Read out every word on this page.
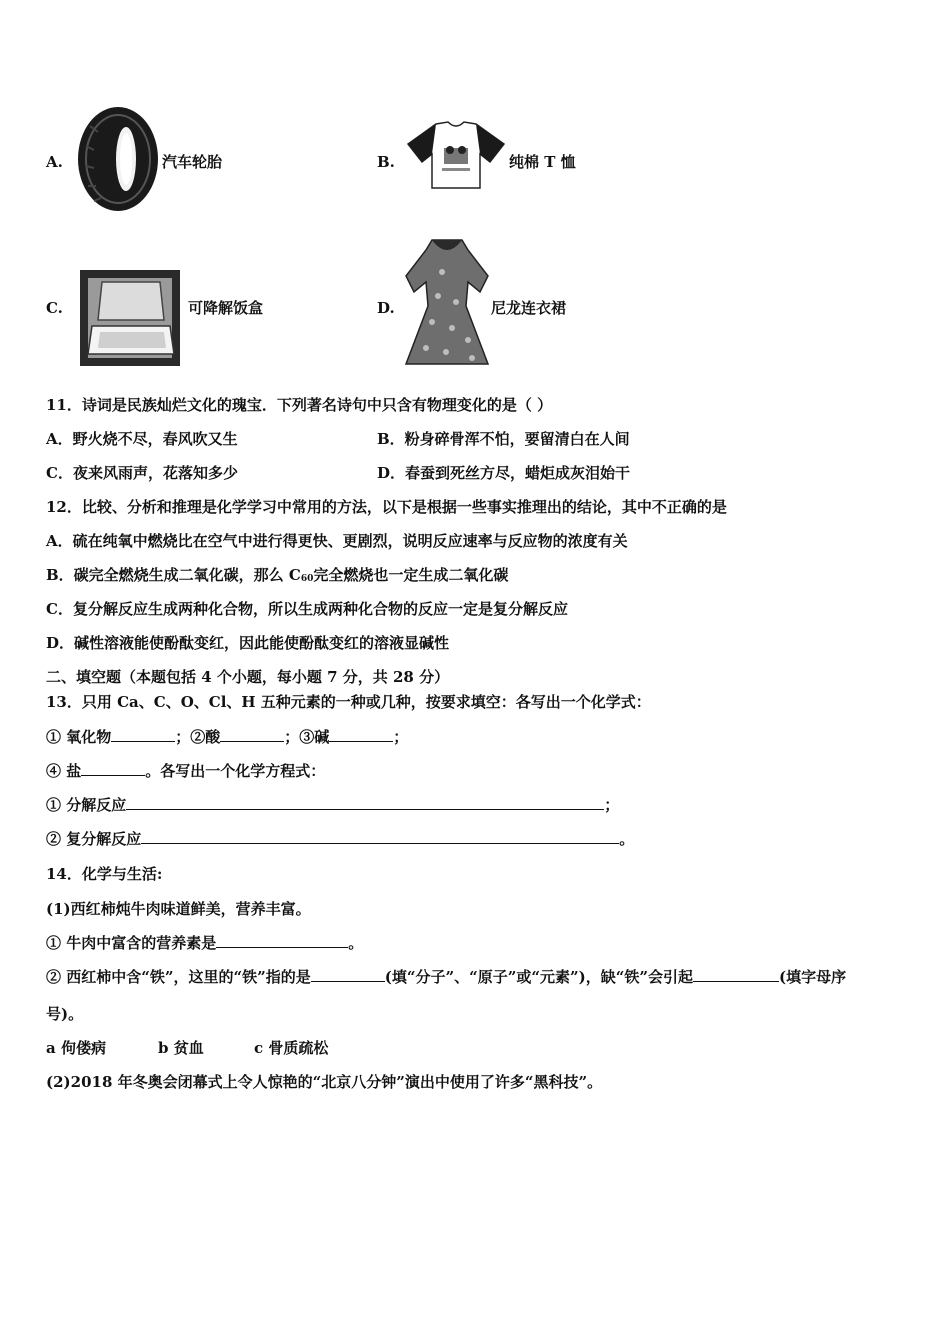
A.	汽车轮胎	B.	纯棉 T 恤
C.	可降解饭盒	D.	尼龙连衣裙
11．诗词是民族灿烂文化的瑰宝．下列著名诗句中只含有物理变化的是（ ）
A．野火烧不尽，春风吹又生	B．粉身碎骨浑不怕，要留清白在人间
C．夜来风雨声，花落知多少	D．春蚕到死丝方尽，蜡炬成灰泪始干
12．比较、分析和推理是化学学习中常用的方法，以下是根据一些事实推理出的结论，其中不正确的是
A．硫在纯氧中燃烧比在空气中进行得更快、更剧烈，说明反应速率与反应物的浓度有关
B．碳完全燃烧生成二氧化碳，那么 $C_{60}$完全燃烧也一定生成二氧化碳
C．复分解反应生成两种化合物，所以生成两种化合物的反应一定是复分解反应
D．碱性溶液能使酚酞变红，因此能使酚酞变红的溶液显碱性
二、填空题（本题包括 4 个小题，每小题 7 分，共 28 分）
13．只用 Ca、C、O、Cl、H 五种元素的一种或几种，按要求填空：各写出一个化学式：
① 氧化物	；②酸	；③碱	；
④ 盐	。各写出一个化学方程式：
① 分解反应	；
② 复分解反应	。
14．化学与生活:
(1)西红柿炖牛肉味道鲜美，营养丰富。
① 牛肉中富含的营养素是	。
② 西红柿中含“铁”，这里的“铁”指的是	(填“分子”、“原子”或“元素”)，缺“铁”会引起	(填字母序
号)。
a 佝偻病	b 贫血	c 骨质疏松
(2)2018 年冬奥会闭幕式上令人惊艳的“北京八分钟”演出中使用了许多“黑科技”。
